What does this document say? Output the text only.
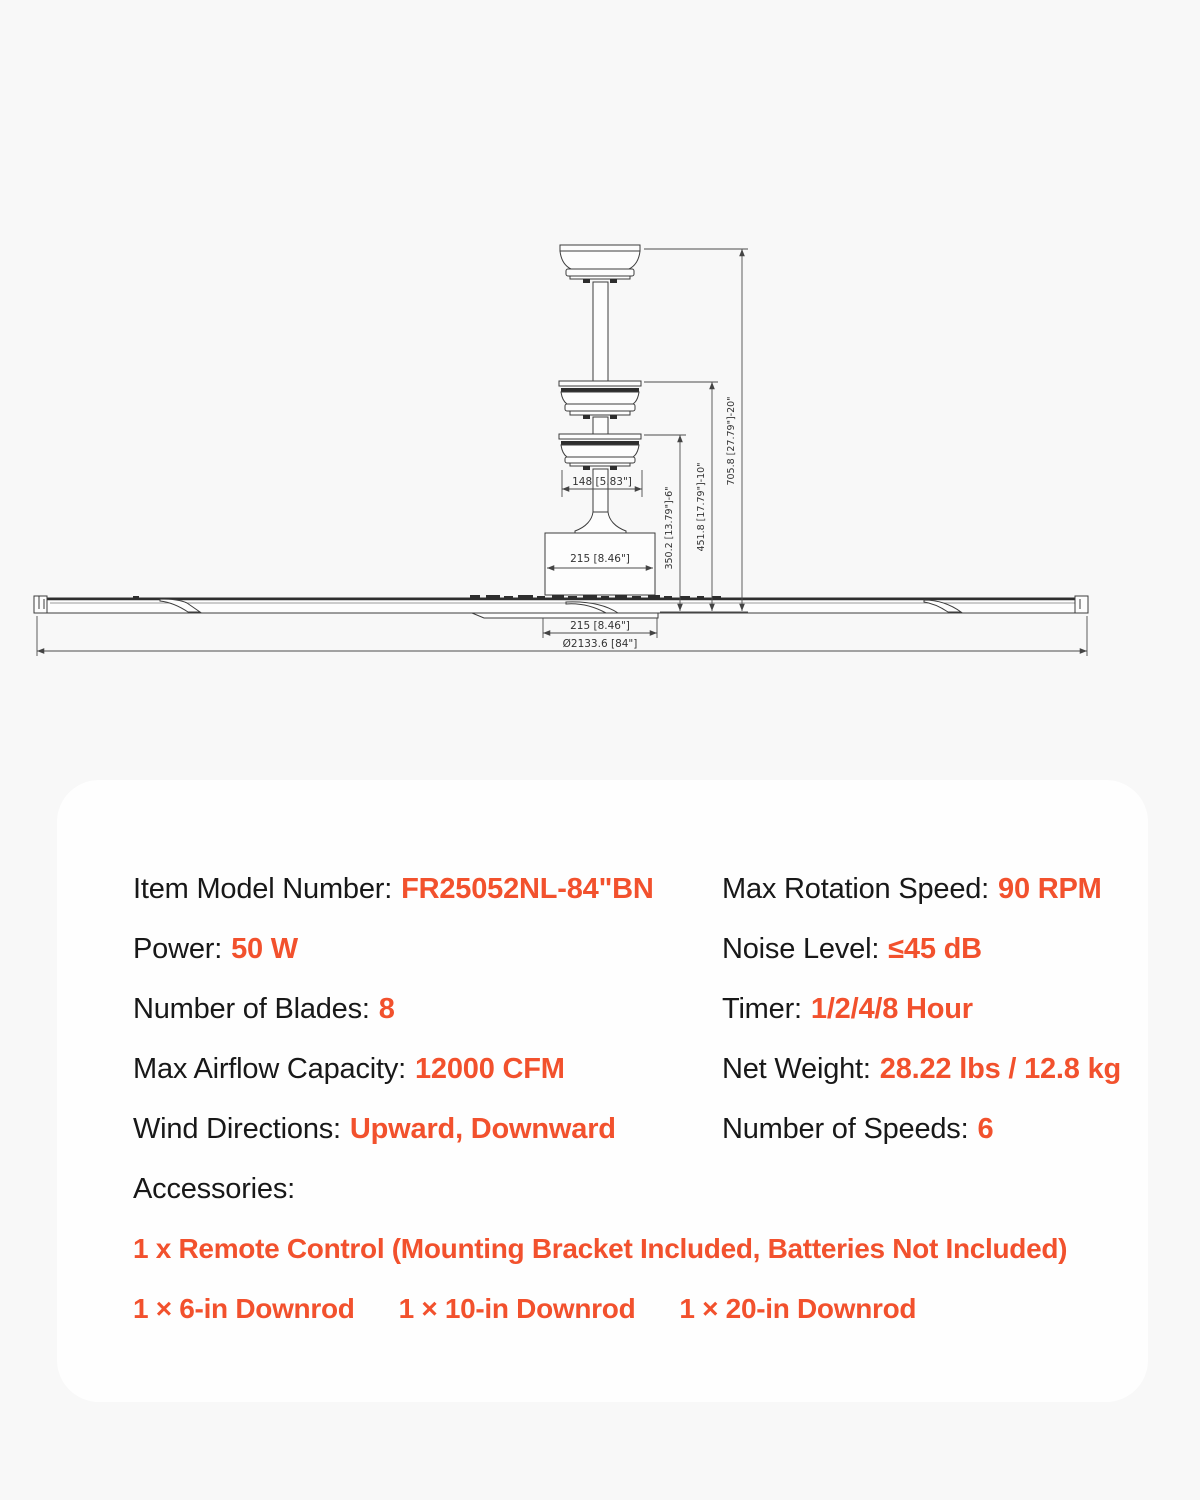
148 [5.83"]
215 [8.46"]
215 [8.46"]
Ø2133.6 [84"]
705.8 [27.79"]-20"
451.8 [17.79"]-10"
350.2 [13.79"]-6"
Item Model Number: FR25052NL-84"BN
Power: 50 W
Number of Blades: 8
Max Airflow Capacity: 12000 CFM
Wind Directions: Upward, Downward
Accessories:
Max Rotation Speed: 90 RPM
Noise Level: ≤45 dB
Timer: 1/2/4/8 Hour
Net Weight: 28.22 lbs / 12.8 kg
Number of Speeds: 6
1 x Remote Control (Mounting Bracket Included, Batteries Not Included)
1 × 6-in Downrod 1 × 10-in Downrod 1 × 20-in Downrod
